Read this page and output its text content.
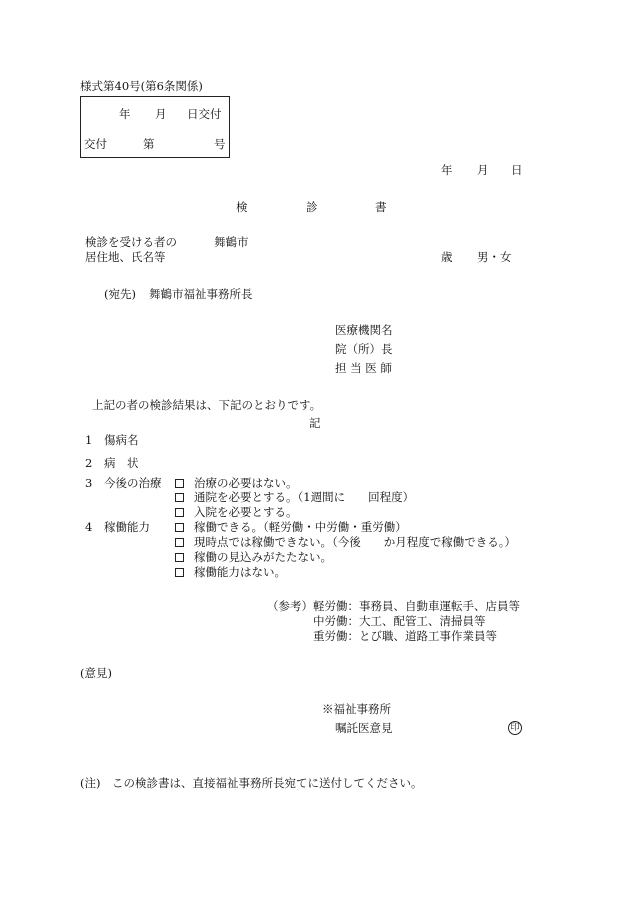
様式第40号(第6条関係)
年 月 日交付
交付	第	号
年 月 日
検	診	書
検診を受ける者の	舞鶴市
居住地、氏名等	歳 男・女
(宛先) 舞鶴市福祉事務所長
医療機関名
院（所）長
担 当 医 師
上記の者の検診結果は、下記のとおりです。
記
1 傷病名
2 病　状
3 今後の治療	治療の必要はない。
通院を必要とする。（1週間に　　回程度）
入院を必要とする。
4 稼働能力	稼働できる。（軽労働・中労働・重労働）
現時点では稼働できない。（今後　　か月程度で稼働できる。）
稼働の見込みがたたない。
稼働能力はない。
（参考） 軽労働：事務員、自動車運転手、店員等
中労働：大工、配管工、清掃員等
重労働：とび職、道路工事作業員等
(意見)
※福祉事務所
嘱託医意見	印
(注)　この検診書は、直接福祉事務所長宛てに送付してください。
